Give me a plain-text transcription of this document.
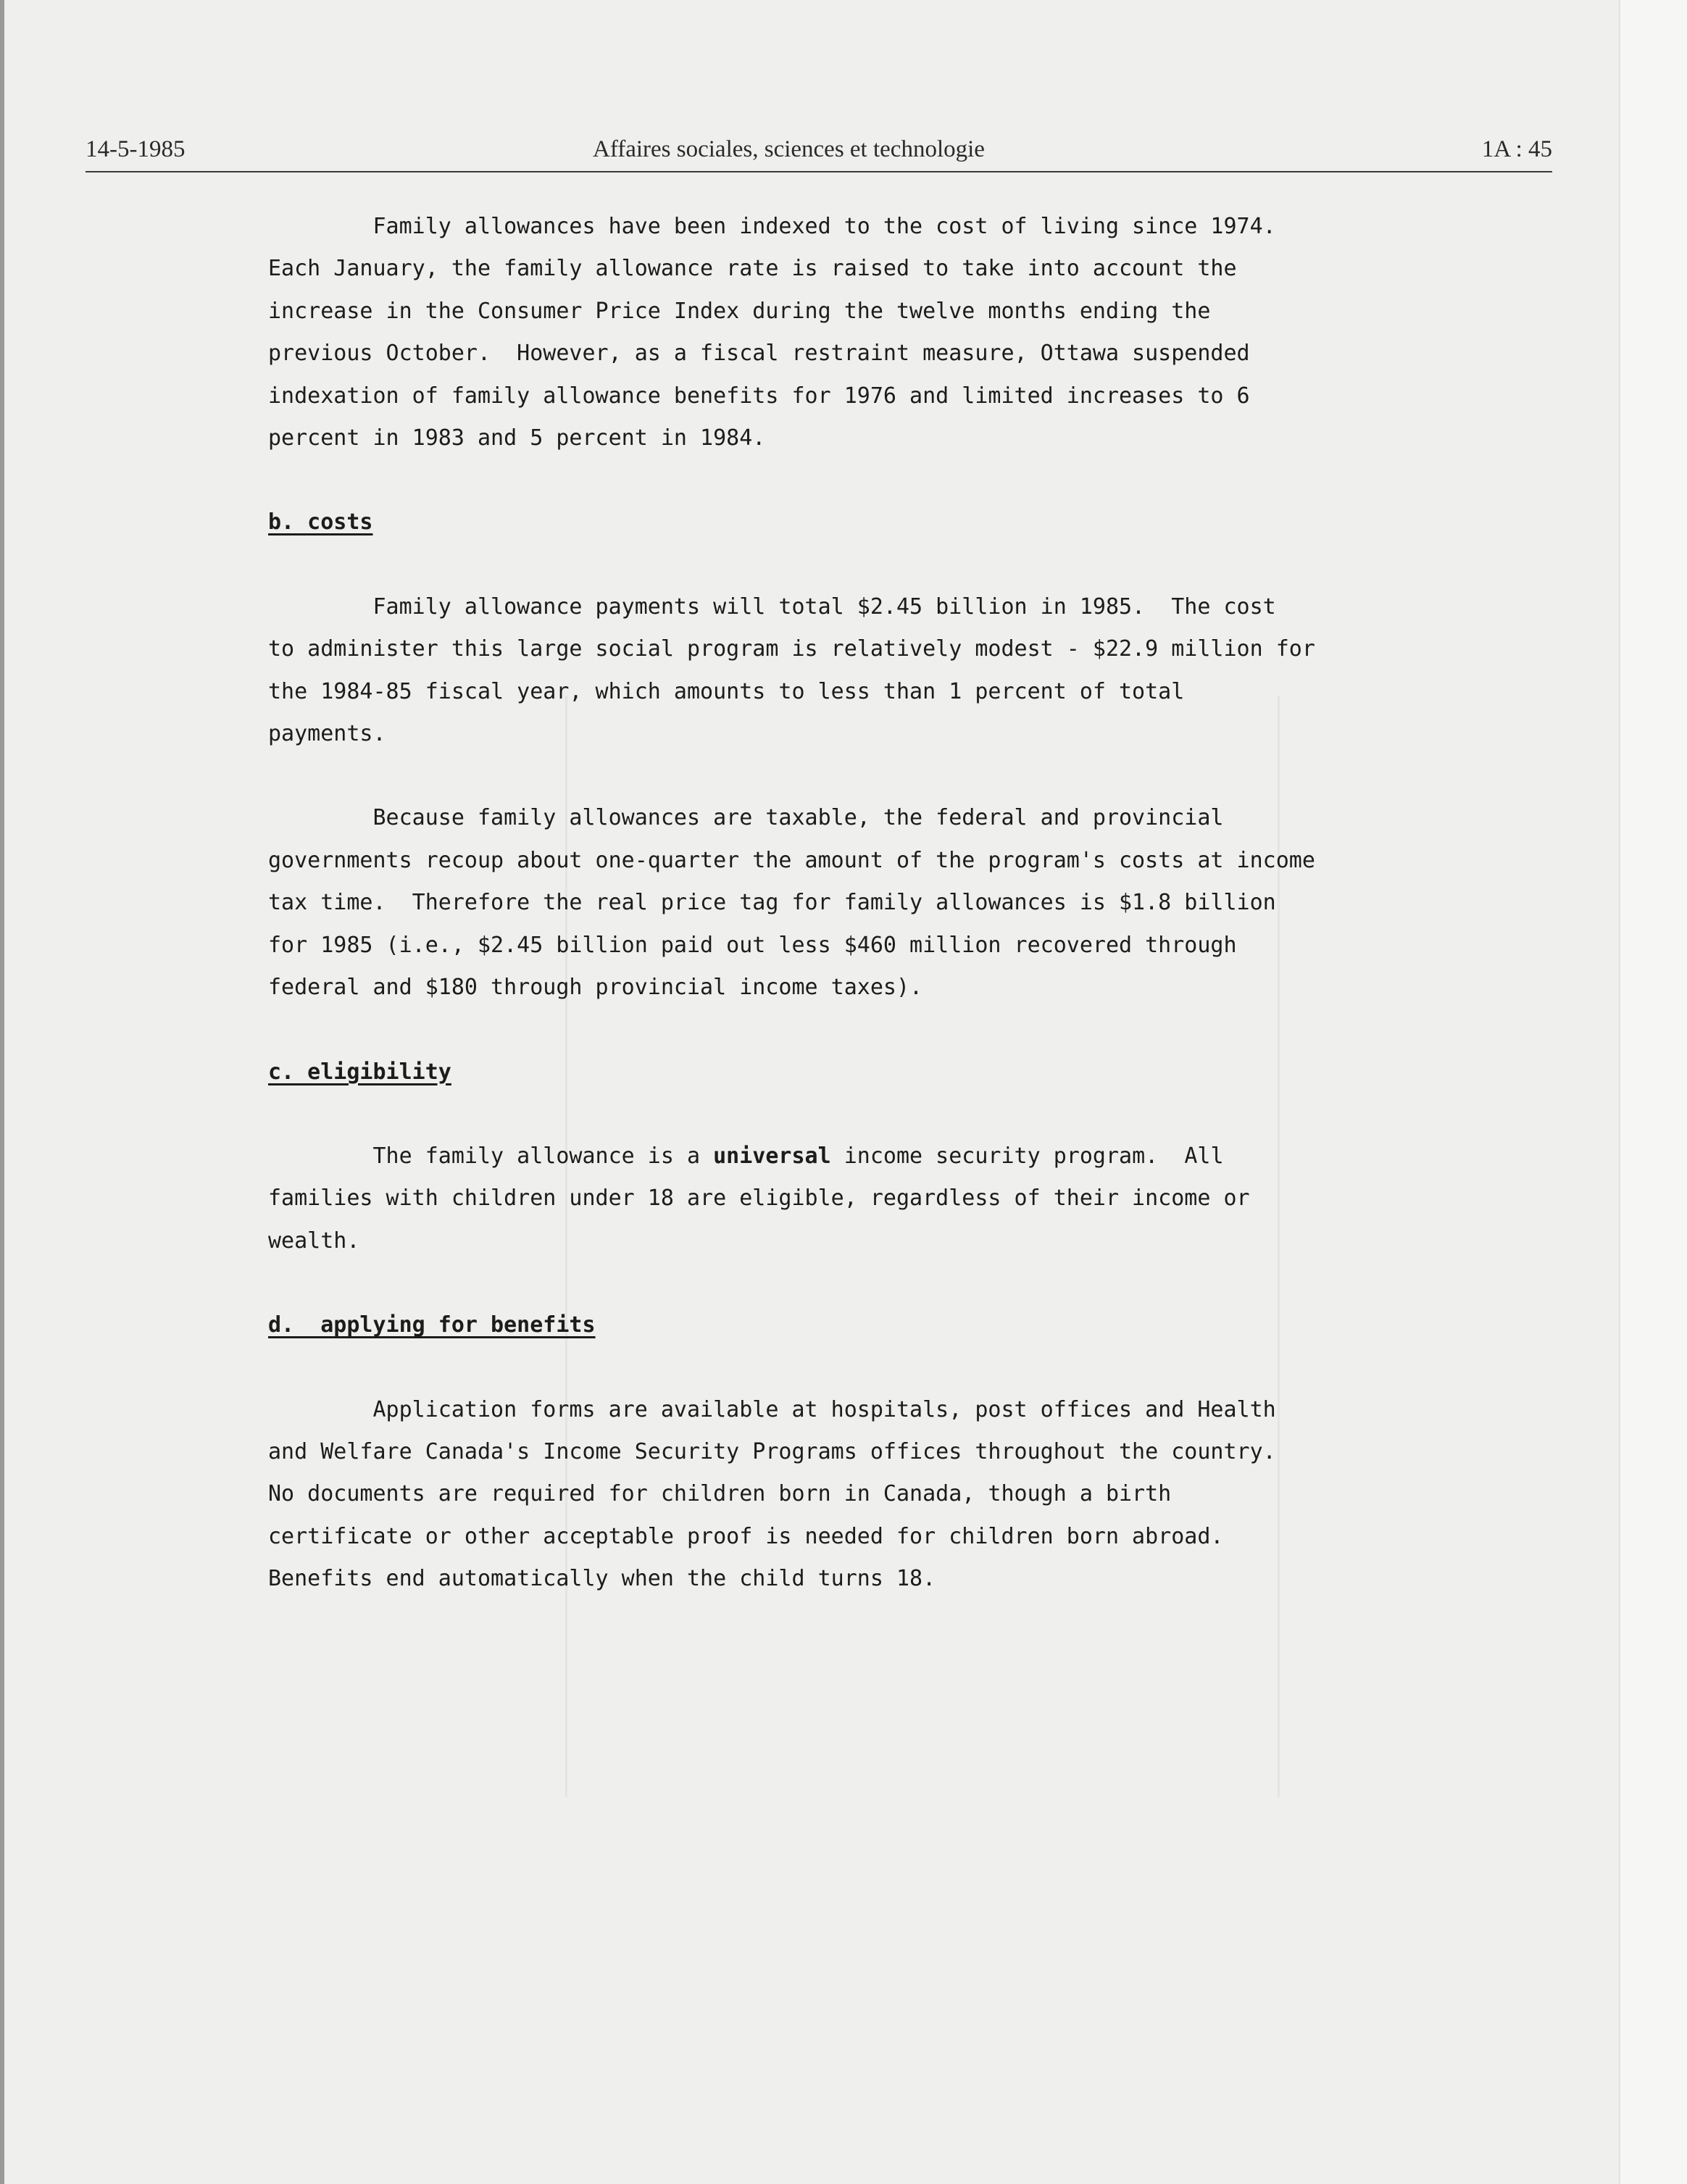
14-5-1985	Affaires sociales, sciences et technologie	1A : 45
Family allowances have been indexed to the cost of living since 1974.
Each January, the family allowance rate is raised to take into account the
increase in the Consumer Price Index during the twelve months ending the
previous October.  However, as a fiscal restraint measure, Ottawa suspended
indexation of family allowance benefits for 1976 and limited increases to 6
percent in 1983 and 5 percent in 1984.
b. costs
Family allowance payments will total $2.45 billion in 1985.  The cost
to administer this large social program is relatively modest - $22.9 million for
the 1984-85 fiscal year, which amounts to less than 1 percent of total
payments.
Because family allowances are taxable, the federal and provincial
governments recoup about one-quarter the amount of the program's costs at income
tax time.  Therefore the real price tag for family allowances is $1.8 billion
for 1985 (i.e., $2.45 billion paid out less $460 million recovered through
federal and $180 through provincial income taxes).
c. eligibility
The family allowance is a universal income security program.  All
families with children under 18 are eligible, regardless of their income or
wealth.
d.  applying for benefits
Application forms are available at hospitals, post offices and Health
and Welfare Canada's Income Security Programs offices throughout the country.
No documents are required for children born in Canada, though a birth
certificate or other acceptable proof is needed for children born abroad.
Benefits end automatically when the child turns 18.
